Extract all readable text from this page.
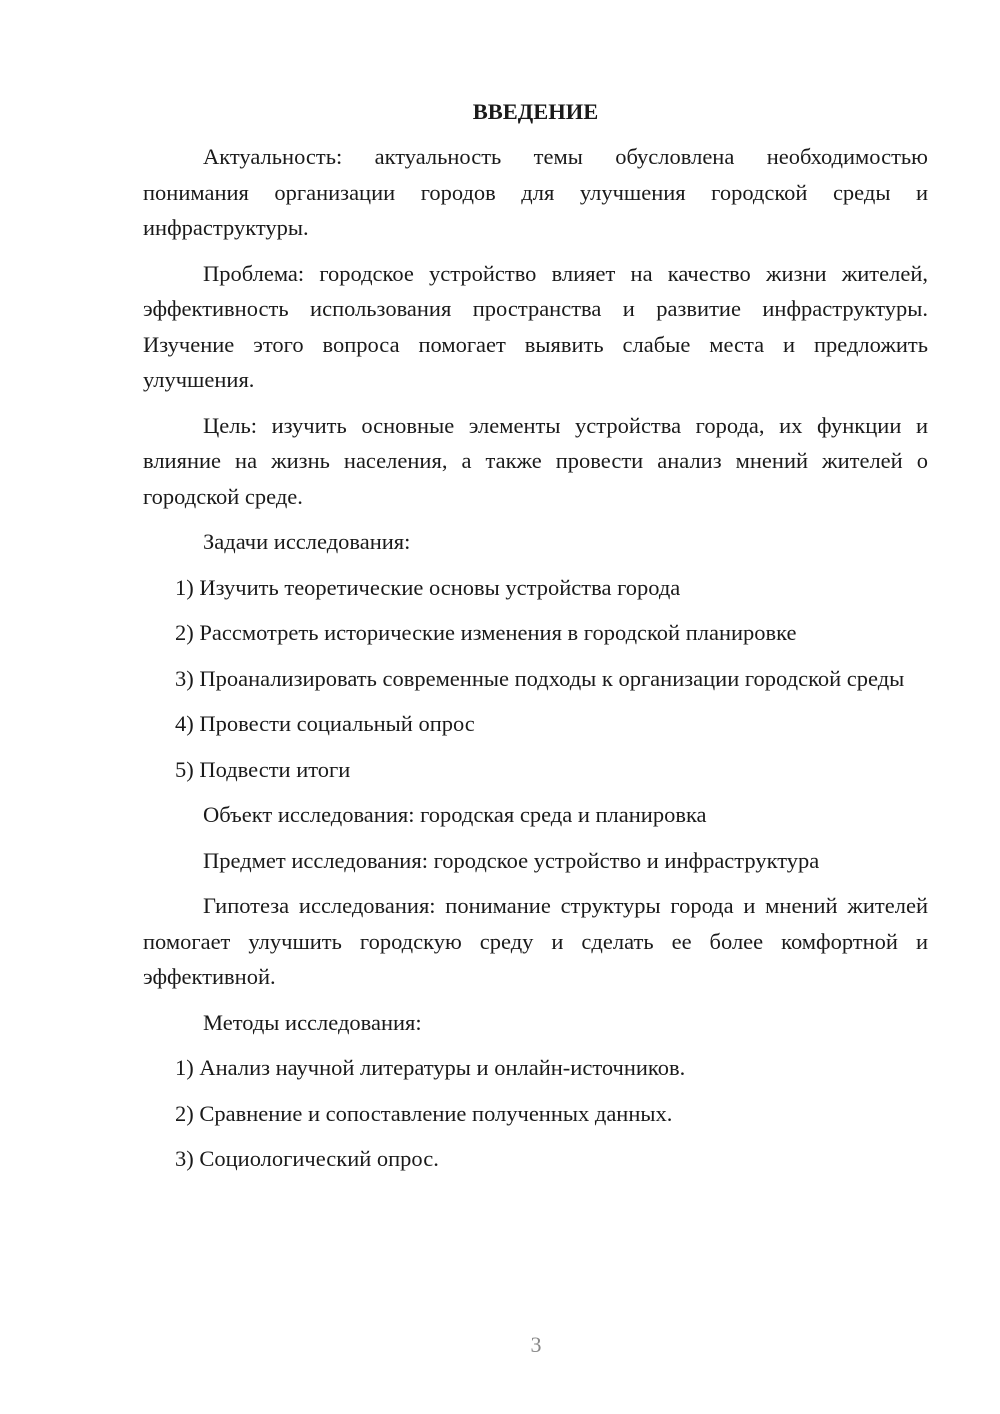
ВВЕДЕНИЕ

Актуальность: актуальность темы обусловлена необходимостью понимания организации городов для улучшения городской среды и инфраструктуры.

Проблема: городское устройство влияет на качество жизни жителей, эффективность использования пространства и развитие инфраструктуры. Изучение этого вопроса помогает выявить слабые места и предложить улучшения.

Цель: изучить основные элементы устройства города, их функции и влияние на жизнь населения, а также провести анализ мнений жителей о городской среде.

Задачи исследования:

1) Изучить теоретические основы устройства города

2) Рассмотреть исторические изменения в городской планировке

3) Проанализировать современные подходы к организации городской среды

4) Провести социальный опрос

5) Подвести итоги

Объект исследования: городская среда и планировка

Предмет исследования: городское устройство и инфраструктура

Гипотеза исследования: понимание структуры города и мнений жителей помогает улучшить городскую среду и сделать ее более комфортной и эффективной.

Методы исследования:

1) Анализ научной литературы и онлайн-источников.

2) Сравнение и сопоставление полученных данных.

3) Социологический опрос.

3
